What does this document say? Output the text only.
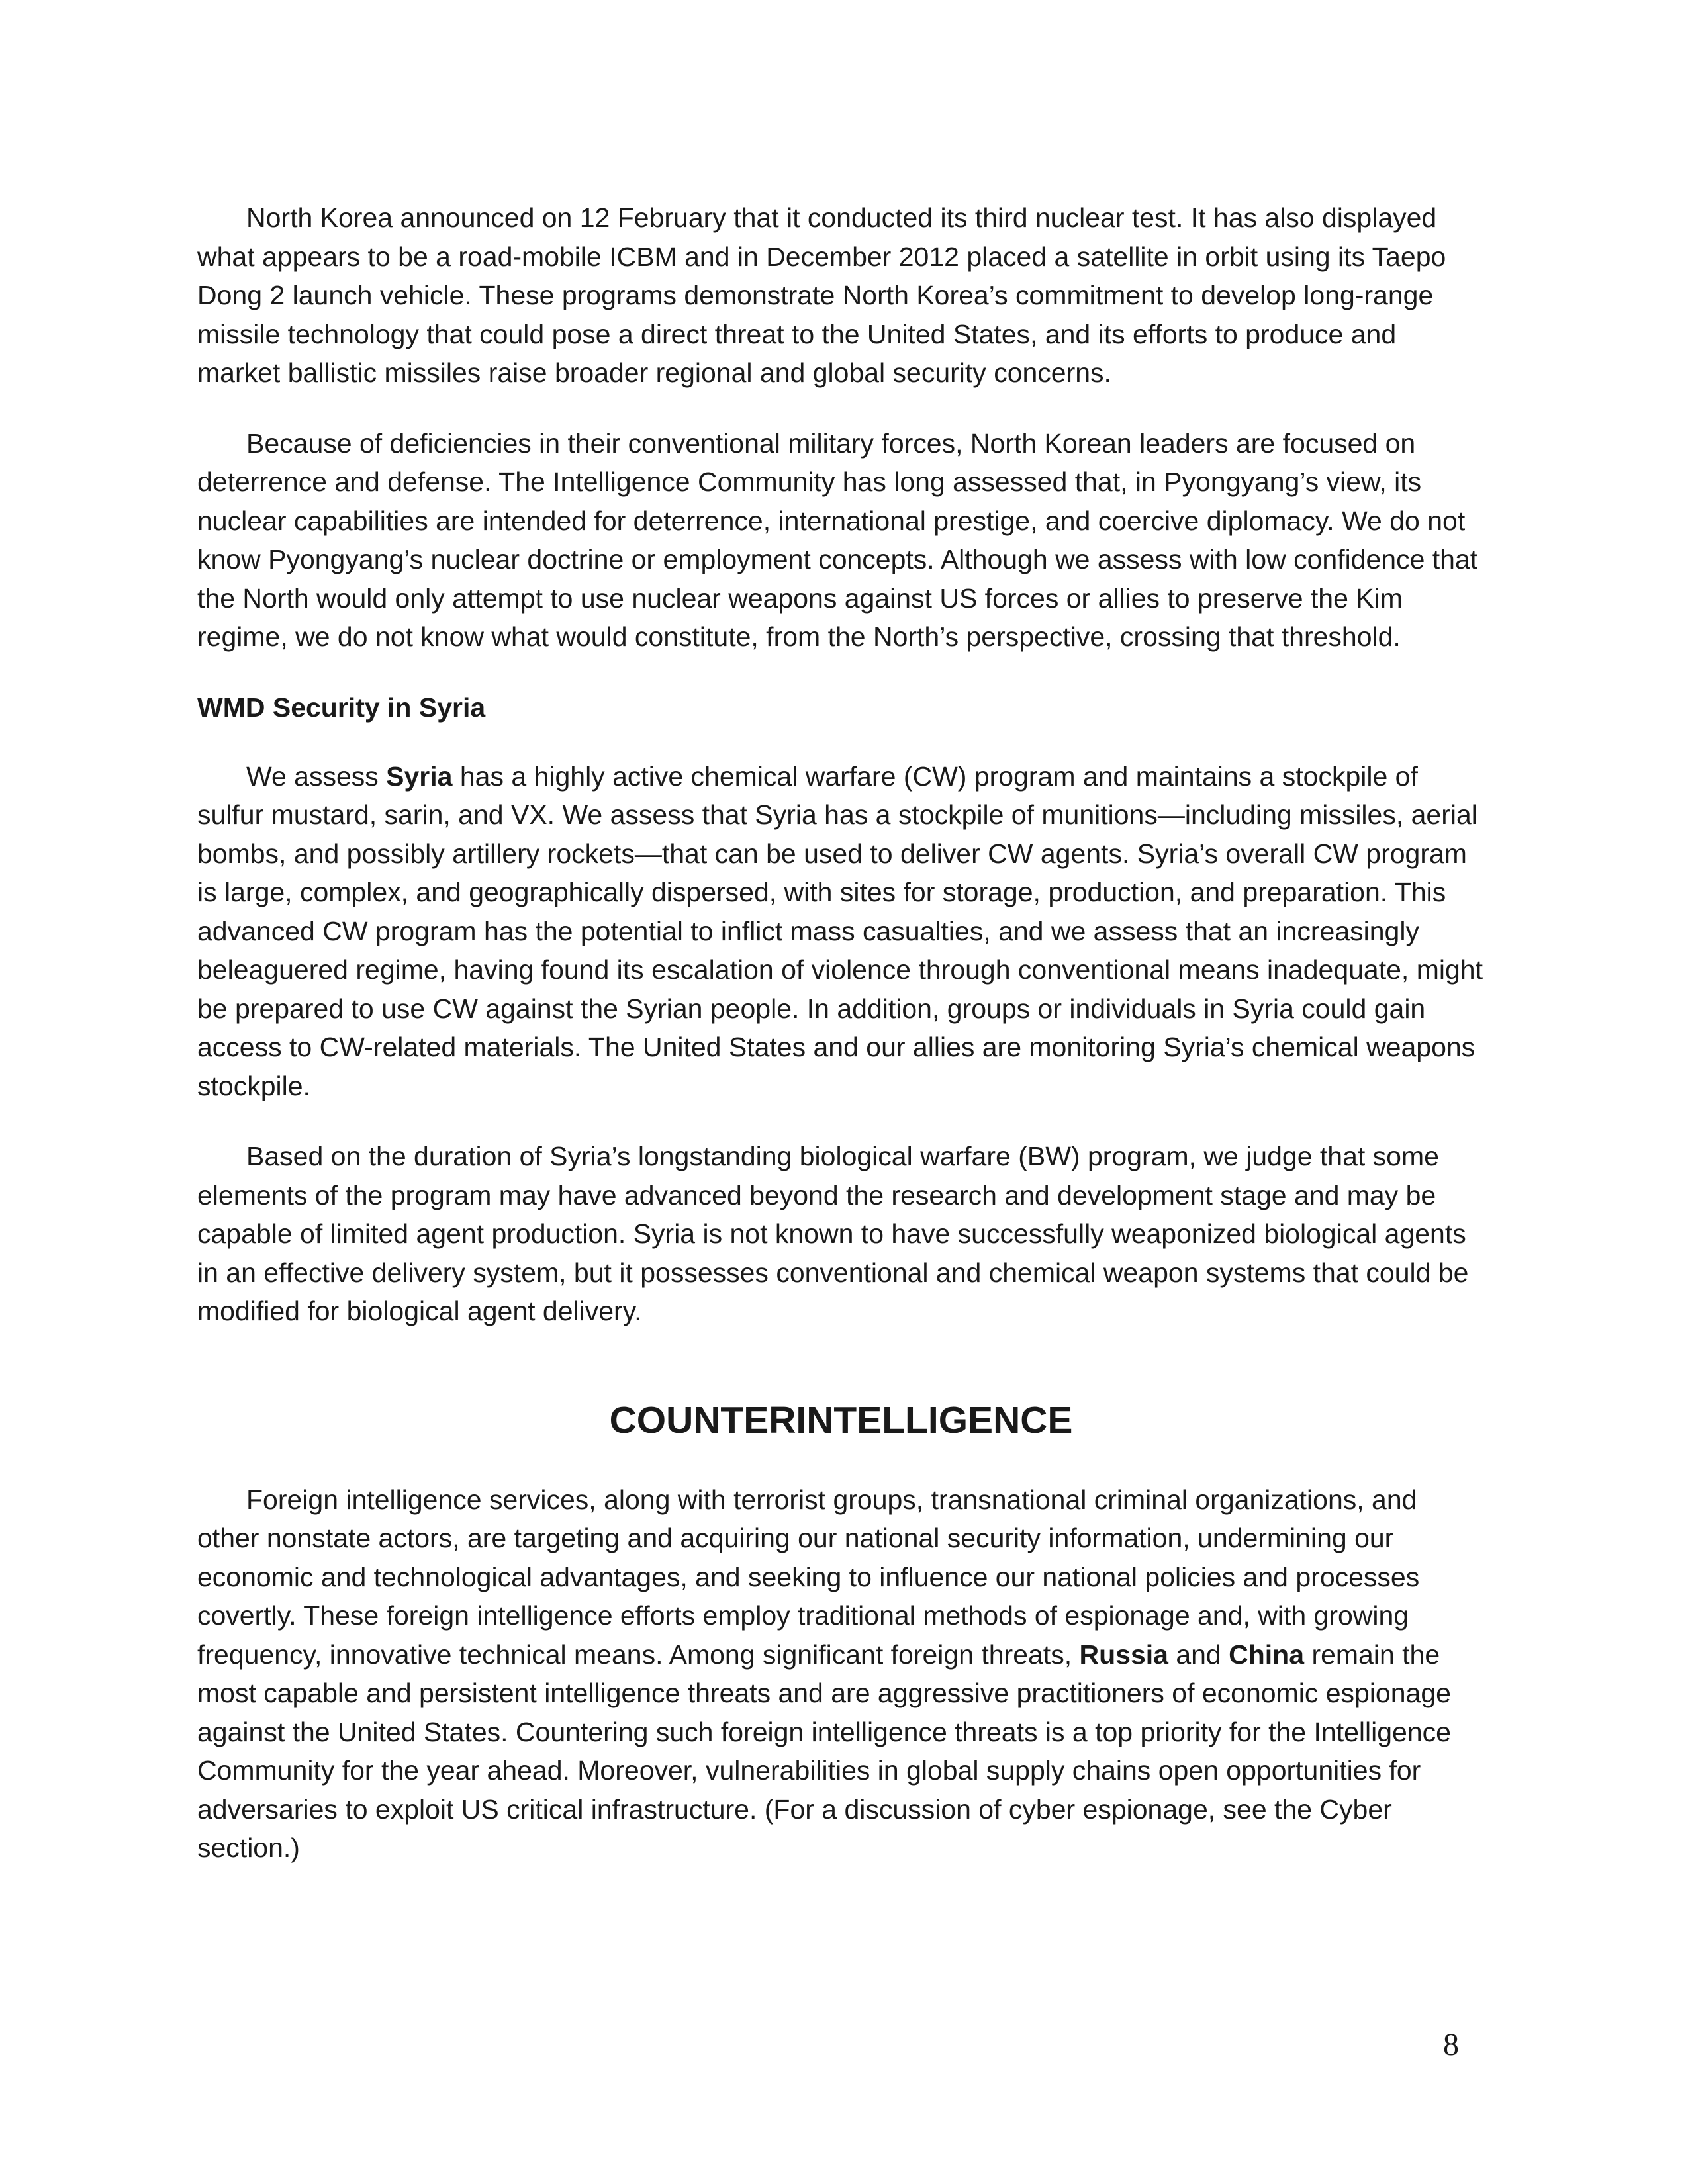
North Korea announced on 12 February that it conducted its third nuclear test. It has also displayed what appears to be a road-mobile ICBM and in December 2012 placed a satellite in orbit using its Taepo Dong 2 launch vehicle. These programs demonstrate North Korea’s commitment to develop long-range missile technology that could pose a direct threat to the United States, and its efforts to produce and market ballistic missiles raise broader regional and global security concerns.

Because of deficiencies in their conventional military forces, North Korean leaders are focused on deterrence and defense. The Intelligence Community has long assessed that, in Pyongyang’s view, its nuclear capabilities are intended for deterrence, international prestige, and coercive diplomacy. We do not know Pyongyang’s nuclear doctrine or employment concepts. Although we assess with low confidence that the North would only attempt to use nuclear weapons against US forces or allies to preserve the Kim regime, we do not know what would constitute, from the North’s perspective, crossing that threshold.

WMD Security in Syria

We assess Syria has a highly active chemical warfare (CW) program and maintains a stockpile of sulfur mustard, sarin, and VX. We assess that Syria has a stockpile of munitions—including missiles, aerial bombs, and possibly artillery rockets—that can be used to deliver CW agents. Syria’s overall CW program is large, complex, and geographically dispersed, with sites for storage, production, and preparation. This advanced CW program has the potential to inflict mass casualties, and we assess that an increasingly beleaguered regime, having found its escalation of violence through conventional means inadequate, might be prepared to use CW against the Syrian people. In addition, groups or individuals in Syria could gain access to CW-related materials. The United States and our allies are monitoring Syria’s chemical weapons stockpile.

Based on the duration of Syria’s longstanding biological warfare (BW) program, we judge that some elements of the program may have advanced beyond the research and development stage and may be capable of limited agent production. Syria is not known to have successfully weaponized biological agents in an effective delivery system, but it possesses conventional and chemical weapon systems that could be modified for biological agent delivery.

COUNTERINTELLIGENCE

Foreign intelligence services, along with terrorist groups, transnational criminal organizations, and other nonstate actors, are targeting and acquiring our national security information, undermining our economic and technological advantages, and seeking to influence our national policies and processes covertly. These foreign intelligence efforts employ traditional methods of espionage and, with growing frequency, innovative technical means. Among significant foreign threats, Russia and China remain the most capable and persistent intelligence threats and are aggressive practitioners of economic espionage against the United States. Countering such foreign intelligence threats is a top priority for the Intelligence Community for the year ahead. Moreover, vulnerabilities in global supply chains open opportunities for adversaries to exploit US critical infrastructure. (For a discussion of cyber espionage, see the Cyber section.)

8
